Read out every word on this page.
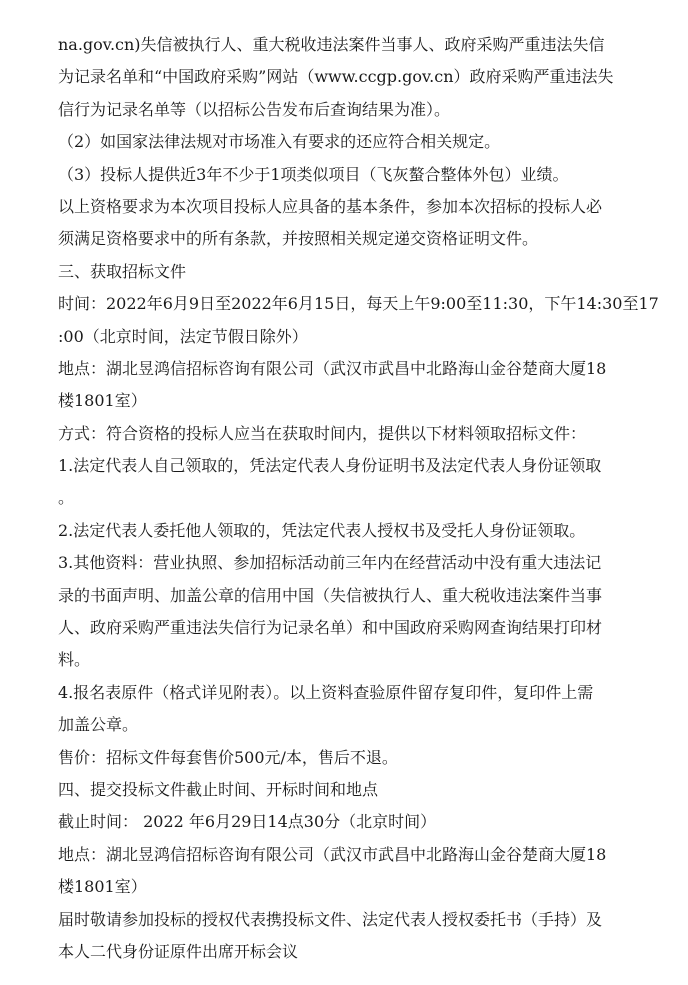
na.gov.cn)失信被执行人、重大税收违法案件当事人、政府采购严重违法失信
为记录名单和“中国政府采购”网站（www.ccgp.gov.cn）政府采购严重违法失
信行为记录名单等（以招标公告发布后查询结果为准）。
（2）如国家法律法规对市场准入有要求的还应符合相关规定。
（3）投标人提供近3年不少于1项类似项目（飞灰螯合整体外包）业绩。
以上资格要求为本次项目投标人应具备的基本条件，参加本次招标的投标人必
须满足资格要求中的所有条款，并按照相关规定递交资格证明文件。
三、获取招标文件
时间：2022年6月9日至2022年6月15日，每天上午9:00至11:30，下午14:30至17
:00（北京时间，法定节假日除外）
地点：湖北昱鸿信招标咨询有限公司（武汉市武昌中北路海山金谷楚商大厦18
楼1801室）
方式：符合资格的投标人应当在获取时间内，提供以下材料领取招标文件：
1.法定代表人自己领取的，凭法定代表人身份证明书及法定代表人身份证领取
。
2.法定代表人委托他人领取的，凭法定代表人授权书及受托人身份证领取。
3.其他资料：营业执照、参加招标活动前三年内在经营活动中没有重大违法记
录的书面声明、加盖公章的信用中国（失信被执行人、重大税收违法案件当事
人、政府采购严重违法失信行为记录名单）和中国政府采购网查询结果打印材
料。
4.报名表原件（格式详见附表）。以上资料查验原件留存复印件，复印件上需
加盖公章。
售价：招标文件每套售价500元/本，售后不退。
四、提交投标文件截止时间、开标时间和地点
截止时间： 2022 年6月29日14点30分（北京时间）
地点：湖北昱鸿信招标咨询有限公司（武汉市武昌中北路海山金谷楚商大厦18
楼1801室）
届时敬请参加投标的授权代表携投标文件、法定代表人授权委托书（手持）及
本人二代身份证原件出席开标会议
